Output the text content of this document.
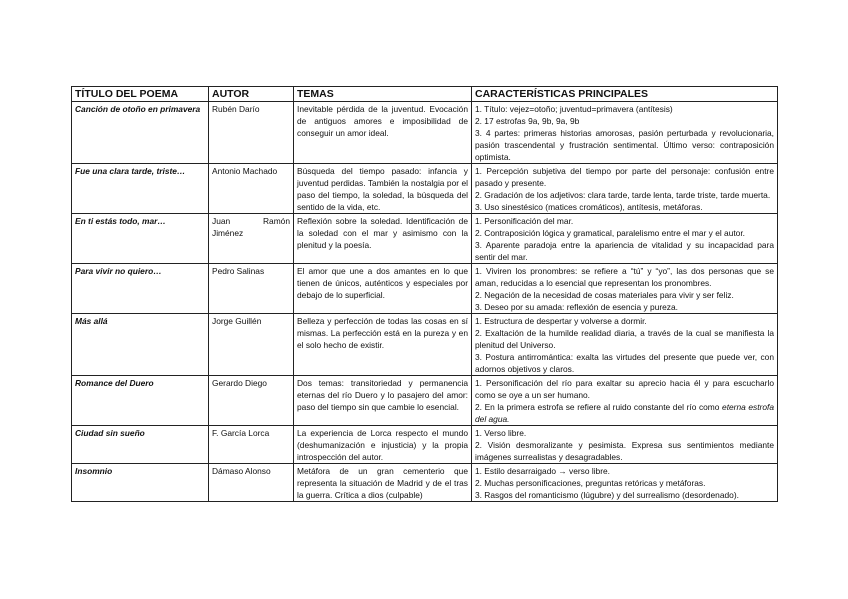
TÍTULO DEL POEMA	AUTOR	TEMAS	CARACTERÍSTICAS PRINCIPALES
Canción de otoño en primavera	Rubén Darío	Inevitable pérdida de la juventud. Evocación de antiguos amores e imposibilidad de conseguir un amor ideal.	1. Título: vejez=otoño; juventud=primavera (antítesis)
2. 17 estrofas 9a, 9b, 9a, 9b
3. 4 partes: primeras historias amorosas, pasión perturbada y revolucionaria, pasión trascendental y frustración sentimental. Último verso: contraposición optimista.

Fue una clara tarde, triste…	Antonio Machado	Búsqueda del tiempo pasado: infancia y juventud perdidas. También la nostalgia por el paso del tiempo, la soledad, la búsqueda del sentido de la vida, etc.	1. Percepción subjetiva del tiempo por parte del personaje: confusión entre pasado y presente.
2. Gradación de los adjetivos: clara tarde, tarde lenta, tarde triste, tarde muerta.
3. Uso sinestésico (matices cromáticos), antítesis, metáforas.

En ti estás todo, mar…	Juan Ramón Jiménez	Reflexión sobre la soledad. Identificación de la soledad con el mar y asimismo con la plenitud y la poesía.	1. Personificación del mar.
2. Contraposición lógica y gramatical, paralelismo entre el mar y el autor.
3. Aparente paradoja entre la apariencia de vitalidad y su incapacidad para sentir del mar.

Para vivir no quiero…	Pedro Salinas	El amor que une a dos amantes en lo que tienen de únicos, auténticos y especiales por debajo de lo superficial.	1. Viviren los pronombres: se refiere a “tú” y “yo”, las dos personas que se aman, reducidas a lo esencial que representan los pronombres.
2. Negación de la necesidad de cosas materiales para vivir y ser feliz.
3. Deseo por su amada: reflexión de esencia y pureza.

Más allá	Jorge Guillén	Belleza y perfección de todas las cosas en sí mismas. La perfección está en la pureza y en el solo hecho de existir.	1. Estructura de despertar y volverse a dormir.
2. Exaltación de la humilde realidad diaria, a través de la cual se manifiesta la plenitud del Universo.
3. Postura antirromántica: exalta las virtudes del presente que puede ver, con adornos objetivos y claros.

Romance del Duero	Gerardo Diego	Dos temas: transitoriedad y permanencia eternas del río Duero y lo pasajero del amor: paso del tiempo sin que cambie lo esencial.	1. Personificación del río para exaltar su aprecio hacia él y para escucharlo como se oye a un ser humano.
2. En la primera estrofa se refiere al ruido constante del río como eterna estrofa del agua.

Ciudad sin sueño	F. García Lorca	La experiencia de Lorca respecto el mundo (deshumanización e injusticia) y la propia introspección del autor.	1. Verso libre.
2. Visión desmoralizante y pesimista. Expresa sus sentimientos mediante imágenes surrealistas y desagradables.

Insomnio	Dámaso Alonso	Metáfora de un gran cementerio que representa la situación de Madrid y de el tras la guerra. Crítica a dios (culpable)	1. Estilo desarraigado → verso libre.
2. Muchas personificaciones, preguntas retóricas y metáforas.
3. Rasgos del romanticismo (lúgubre) y del surrealismo (desordenado).
